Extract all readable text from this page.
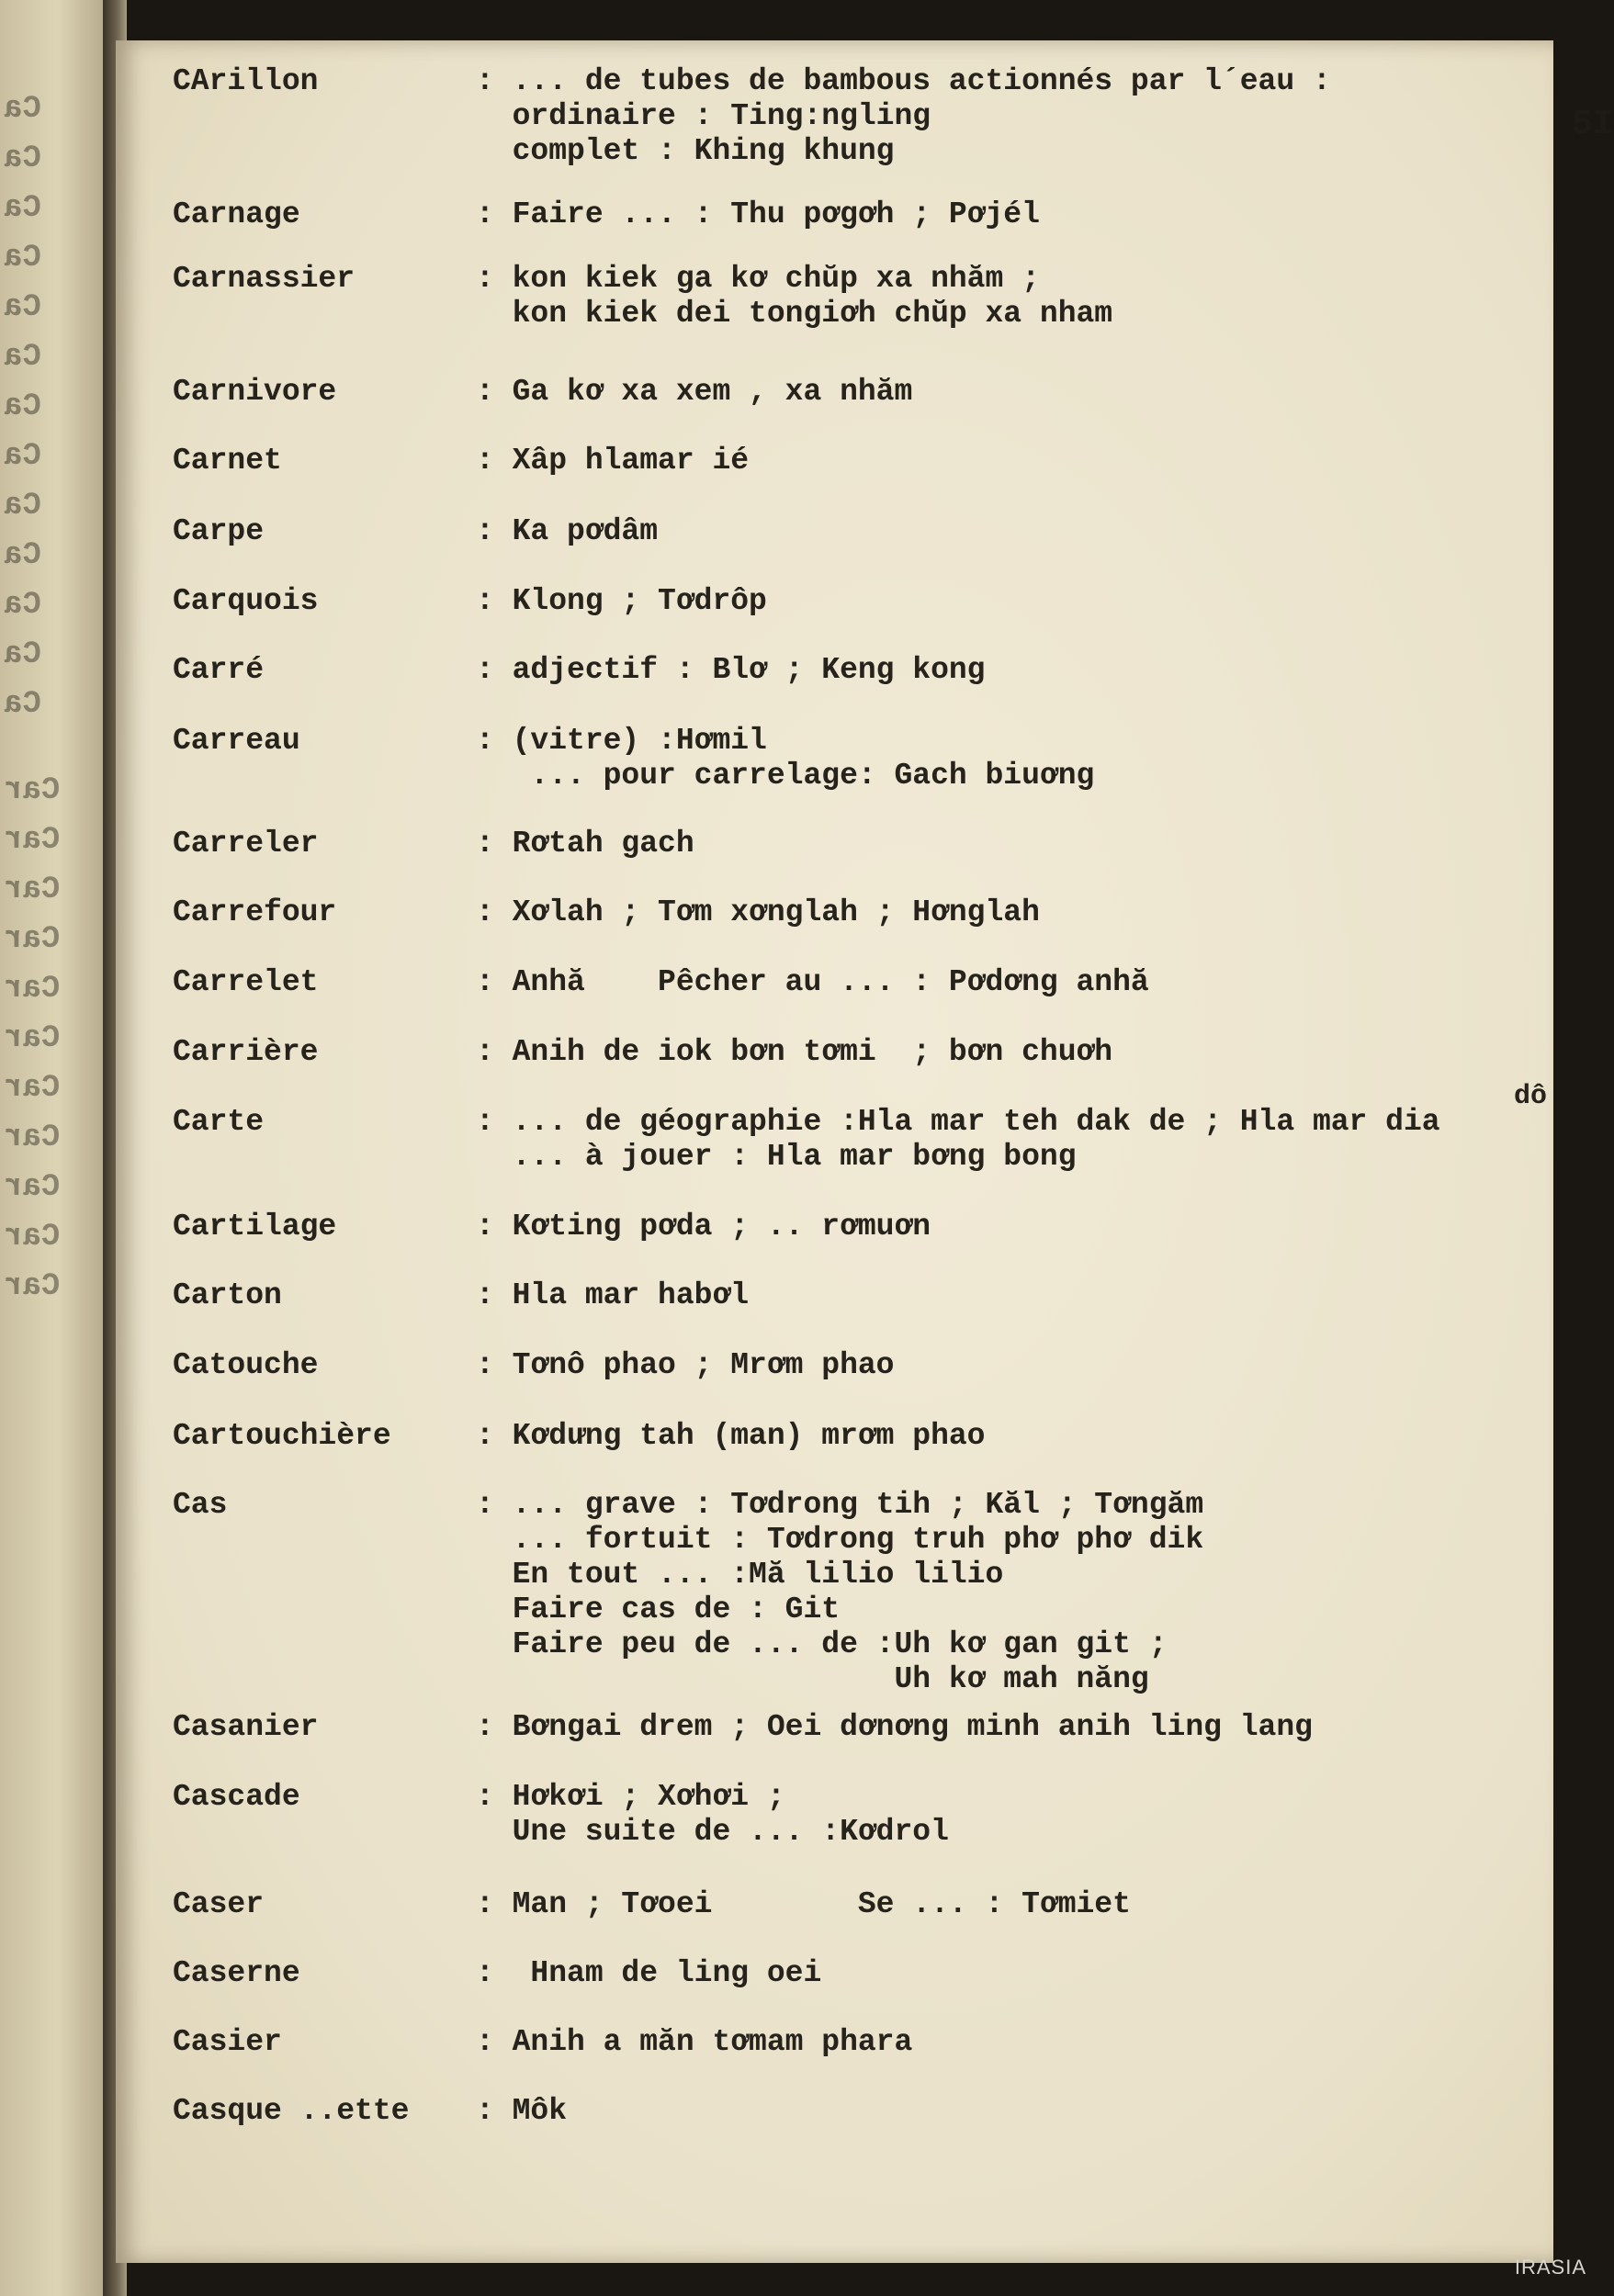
Ca
Ca
Ca
Ca
Ca
Ca
Ca
Ca
Ca
Ca
Ca
Ca
Ca
Car
Car
Car
Car
Car
Car
Car
Car
Car
Car
Car
5I
CArillon	: ... de tubes de bambous actionnés par l´eau :
ordinaire : Ting:ngling
complet : Khing khung
Carnage	: Faire ... : Thu pơgơh ; Pơjél
Carnassier	: kon kiek ga kơ chŭp xa nhăm ;
kon kiek dei tongiơh chŭp xa nham
Carnivore	: Ga kơ xa xem , xa nhăm
Carnet	: Xâp hlamar ié
Carpe	: Ka pơdâm
Carquois	: Klong ; Tơdrôp
Carré	: adjectif : Blơ ; Keng kong
Carreau	: (vitre) :Hơmil
... pour carrelage: Gach biuơng
Carreler	: Rơtah gach
Carrefour	: Xơlah ; Tơm xơnglah ; Hơnglah
Carrelet	: Anhă    Pêcher au ... : Pơdơng anhă
Carrière	: Anih de iok bơn tơmi  ; bơn chuơh
Carte	: ... de géographie :Hla mar teh dak de ; Hla mar dia
... à jouer : Hla mar bơng bong
dô
Cartilage	: Kơting pơda ; .. rơmuơn
Carton	: Hla mar habơl
Catouche	: Tơnô phao ; Mrơm phao
Cartouchière	: Kơdưng tah (man) mrơm phao
Cas	: ... grave : Tơdrong tih ; Kăl ; Tơngăm
... fortuit : Tơdrong truh phơ phơ dik
En tout ... :Mă lilio lilio
Faire cas de : Git
Faire peu de ... de :Uh kơ gan git ;
Uh kơ mah năng
Casanier	: Bơngai drem ; Oei dơnơng minh anih ling lang
Cascade	: Hơkơi ; Xơhơi ;
Une suite de ... :Kơdrol
Caser	: Man ; Tơoei        Se ... : Tơmiet
Caserne	:  Hnam de ling oei
Casier	: Anih a măn tơmam phara
Casque ..ette : Môk
IRASIA
